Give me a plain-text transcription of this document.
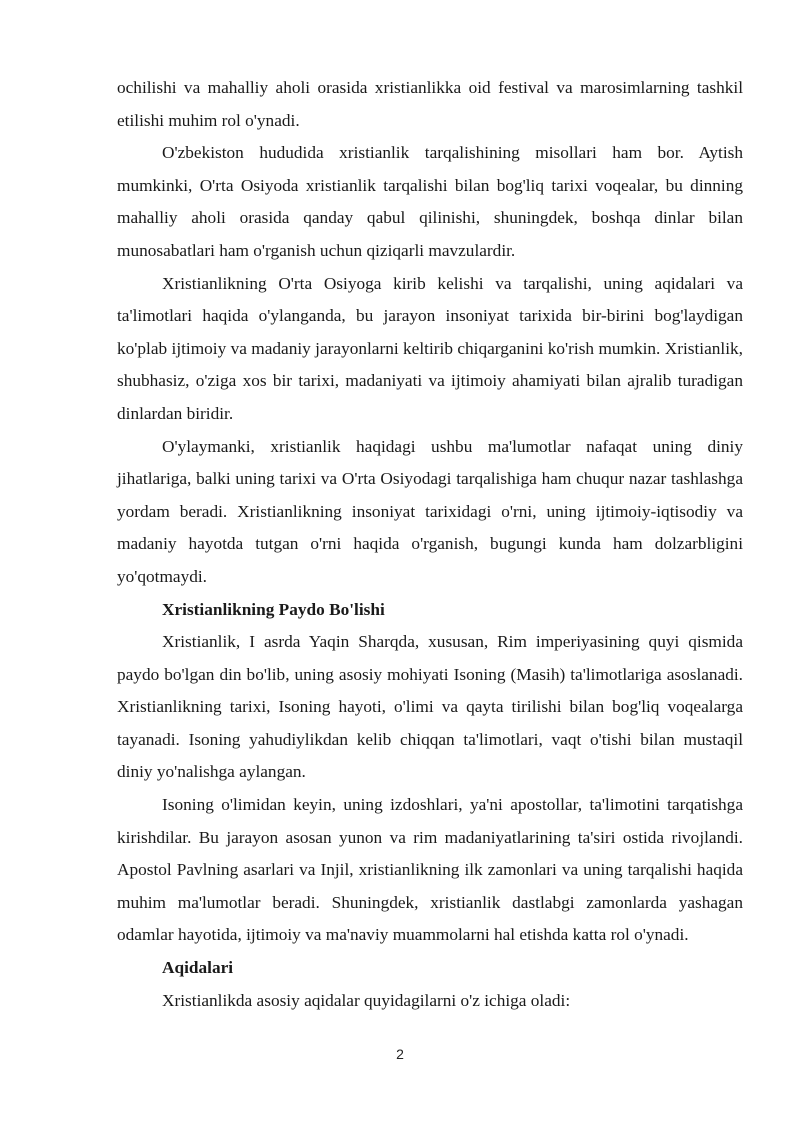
ochilishi va mahalliy aholi orasida xristianlikka oid festival va marosimlarning tashkil etilishi muhim rol o'ynadi.

O'zbekiston hududida xristianlik tarqalishining misollari ham bor. Aytish mumkinki, O'rta Osiyoda xristianlik tarqalishi bilan bog'liq tarixi voqealar, bu dinning mahalliy aholi orasida qanday qabul qilinishi, shuningdek, boshqa dinlar bilan munosabatlari ham o'rganish uchun qiziqarli mavzulardir.

Xristianlikning O'rta Osiyoga kirib kelishi va tarqalishi, uning aqidalari va ta'limotlari haqida o'ylanganda, bu jarayon insoniyat tarixida bir-birini bog'laydigan ko'plab ijtimoiy va madaniy jarayonlarni keltirib chiqarganini ko'rish mumkin. Xristianlik, shubhasiz, o'ziga xos bir tarixi, madaniyati va ijtimoiy ahamiyati bilan ajralib turadigan dinlardan biridir.

O'ylaymanki, xristianlik haqidagi ushbu ma'lumotlar nafaqat uning diniy jihatlariga, balki uning tarixi va O'rta Osiyodagi tarqalishiga ham chuqur nazar tashlashga yordam beradi. Xristianlikning insoniyat tarixidagi o'rni, uning ijtimoiy-iqtisodiy va madaniy hayotda tutgan o'rni haqida o'rganish, bugungi kunda ham dolzarbligini yo'qotmaydi.

Xristianlikning Paydo Bo'lishi

Xristianlik, I asrda Yaqin Sharqda, xususan, Rim imperiyasining quyi qismida paydo bo'lgan din bo'lib, uning asosiy mohiyati Isoning (Masih) ta'limotlariga asoslanadi. Xristianlikning tarixi, Isoning hayoti, o'limi va qayta tirilishi bilan bog'liq voqealarga tayanadi. Isoning yahudiylikdan kelib chiqqan ta'limotlari, vaqt o'tishi bilan mustaqil diniy yo'nalishga aylangan.

Isoning o'limidan keyin, uning izdoshlari, ya'ni apostollar, ta'limotini tarqatishga kirishdilar. Bu jarayon asosan yunon va rim madaniyatlarining ta'siri ostida rivojlandi. Apostol Pavlning asarlari va Injil, xristianlikning ilk zamonlari va uning tarqalishi haqida muhim ma'lumotlar beradi. Shuningdek, xristianlik dastlabgi zamonlarda yashagan odamlar hayotida, ijtimoiy va ma'naviy muammolarni hal etishda katta rol o'ynadi.

Aqidalari

Xristianlikda asosiy aqidalar quyidagilarni o'z ichiga oladi:

2
